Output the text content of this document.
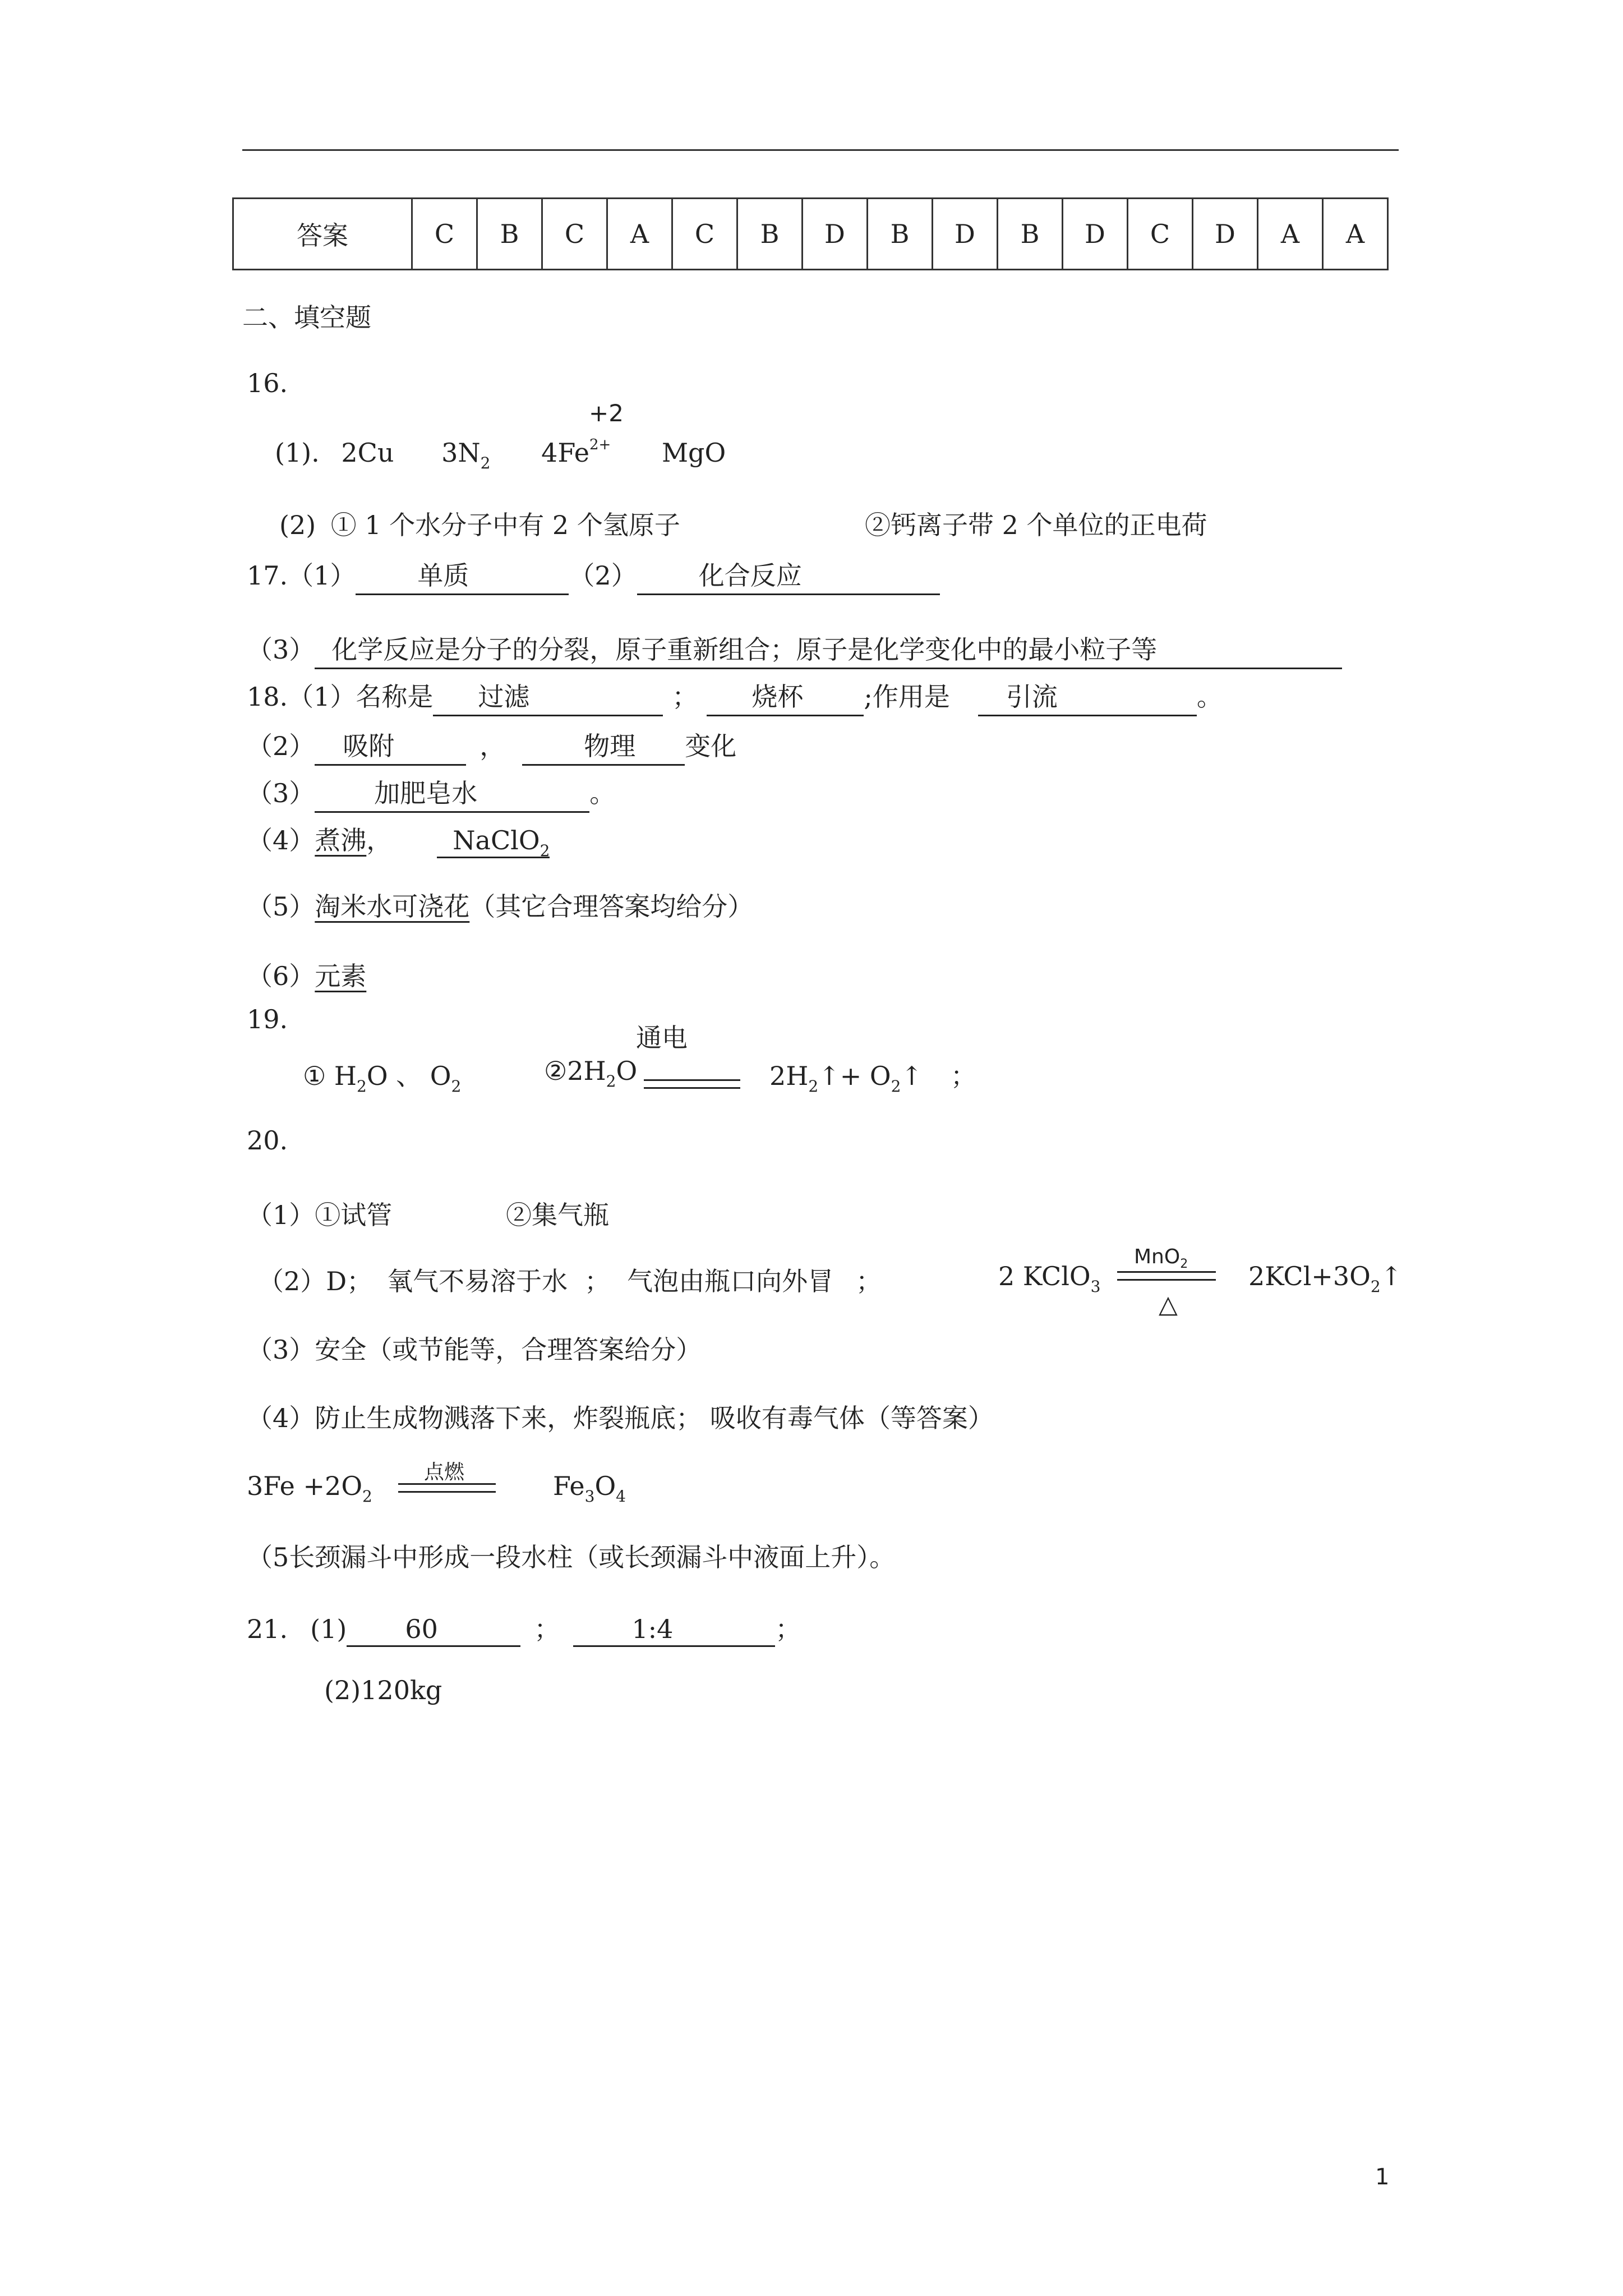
答案	C	B	C	A	C	B	D	B	D	B	D	C	D	A	A
二、填空题
16.
+2
(1). 2Cu $3N_2$ $4Fe^{2+}$ MgO
(2) ① 1 个水分子中有 2 个氢原子	②钙离子带 2 个单位的正电荷
17.（1） 单质	（2） 化合反应
（3） 化学反应是分子的分裂，原子重新组合；原子是化学变化中的最小粒子等
18.（1）名称是 过滤	； 烧杯 ;作用是 引流	。
（2） 吸附	，	物理 变化
（3） 加肥皂水	。
（4）煮沸， NaClO$_2$
（5）淘米水可浇花（其它合理答案均给分）
（6）元素
19.
通电
① $H_2O$ 、 $O_2$
$②2H_2O$	$2H_2↑+$ $O_2↑$ ；
20.
（1）①试管	②集气瓶
（2）D； 氧气不易溶于水 ； 气泡由瓶口向外冒 ；	2 KClO$_3$
MnO$_2$
△
$2KCl+3O_2↑$
（3）安全（或节能等，合理答案给分）
（4）防止生成物溅落下来，炸裂瓶底； 吸收有毒气体（等答案）
$3Fe +2O_2$
点燃	$Fe_3O_4$
（5长颈漏斗中形成一段水柱（或长颈漏斗中液面上升）。
21. (1) 60	；	1:4	；
(2)120kg
1
